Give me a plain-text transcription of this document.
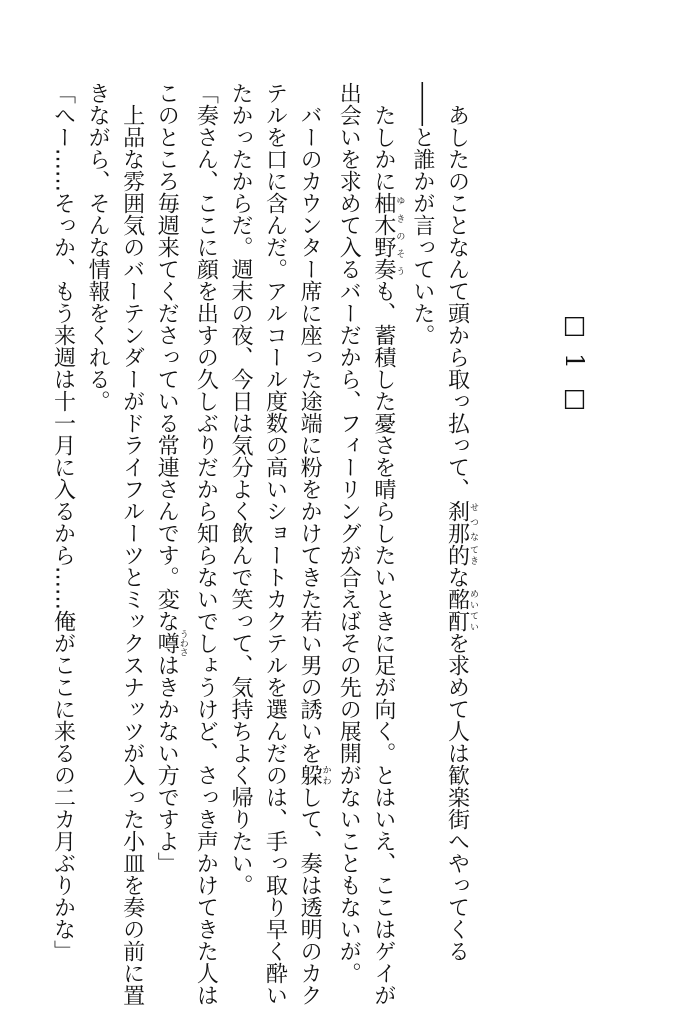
□1□
あしたのことなんて頭から取っ払って、刹那せつな的てきな酩酊めいていを求めて人は歓楽街へやってくる
――と誰かが言っていた。
たしかに柚木野奏ゆきのそうも、蓄積した憂さを晴らしたいときに足が向く。とはいえ、ここはゲイが
出会いを求めて入るバーだから、フィーリングが合えばその先の展開がないこともないが。
バーのカウンター席に座った途端に粉をかけてきた若い男の誘いを躱かわして、奏は透明のカク
テルを口に含んだ。アルコール度数の高いショートカクテルを選んだのは、手っ取り早く酔い
たかったからだ。週末の夜、今日は気分よく飲んで笑って、気持ちよく帰りたい。
「奏さん、ここに顔を出すの久しぶりだから知らないでしょうけど、さっき声かけてきた人は
このところ毎週来てくださっている常連さんです。変な噂うわさはきかない方ですよ」
上品な雰囲気のバーテンダーがドライフルーツとミックスナッツが入った小皿を奏の前に置
きながら、そんな情報をくれる。
「へー……そっか、もう来週は十一月に入るから……俺がここに来るの二カ月ぶりかな」
